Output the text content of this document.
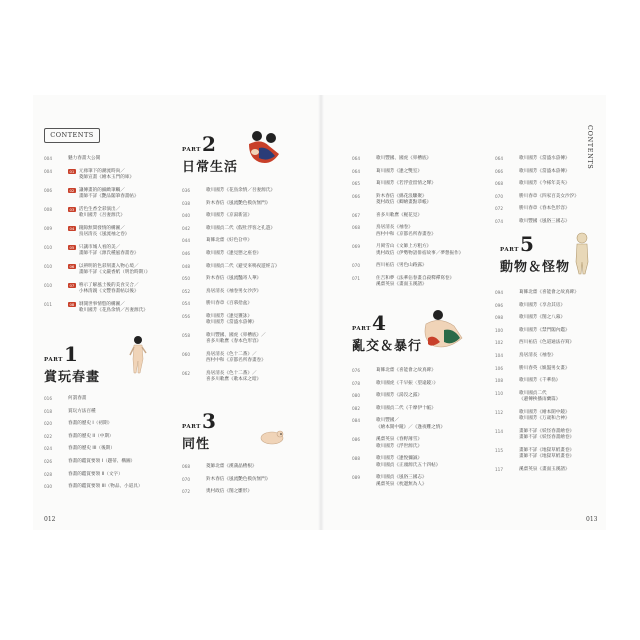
CONTENTS	CONTENTS
012	013
004	魅力春畫大公開
004	01 元祿筆下的潮流時尚／
菱師宣畫《繪本玉門的庫》
006	02 讓傳畫的的細緻筆觸／
畫師不詳《艷品閣筆春畫帖》
008	03 活色生香全彩演出／
歌川國芳《吾妻源氏》
009	04 鏡隙無間發情的構圖／
鳥居清長《風流袖之卷》
010	05 只讓市城人看的美／
畫師不詳《源氏種風春畫卷》
010	06 以辨明的色彩刻畫入物心境／
畫師不詳《文嚴香紙（明治時期）》
010	07 嘻示了解風土後的美食交合／
小林清親《文豐春畫帖以後》
011	08 剝開世事情慾的構圖／
歌川國芳《花鳥余情／吾妻源氏》
PART1
賞玩春畫
016	何謂春畫
018	賞玩方法百種
020	春畫的歷史 I（初期）
022	春畫的歷史 II（中期）
024	春畫的歷史 III（後期）
026	春畫的鑑賞要領 I（題蒂、構圖）
028	春畫的鑑賞要領 II（文字）
030	春畫的鑑賞要領 III（物品、小道具）
PART2
日常生活
036	歌川國芳《花鳥余情／吾妻源氏》
038	鈴木春信《風流艷色模仿無門》
040	歌川國芳《京湯新話》
042	歌川國貞二代《假牡浮客之孔遊》
044	葛飾北齋《好色旮申》
046	歌川國芳《逢見戀之座卷》
048	歌川國貞二代《避受來鳴夜遊經言》
050	鈴木春信《風流豔寄人華》
052	鳥居清長《袖卷男女沙汐》
054	勝川春章《百慕拾盆》
056	歌川國芳《逢見獲詠》
歌川國芳《當盛水滸傳》
058	歌川豐國、國虎《卯槽底》／
喜多川歌麿《春本色形容》
060	鳥居清長《色十二番》／
西村中和《京都名所春畫卷》
062	鳥居清長《色十二番》／
喜多川歌麿《歌本床之暗》
PART3
同性
068	菱師北齋《漢蒲晶楂根》
070	鈴木春信《風流艷色模仿無門》
072	奧村政信《閨之雛形》
064	歌川豐國、國虎《卯槽底》
064	葛川國芳《逢之雙室》
065	葛川國芳《若浮壹留情之聲》
066	鈴木春信《綿花浪驟聚》
菱村政信《卿繪畫點恭帳》
067	喜多川歌麿《梶花見》
068	鳥居清長《袖卷》
西村中和《京都名所春畫卷》
069	月岡雪山《文師上方粗方》
奧村政信《伊勢物語俳宿故事／夢想振作》
070	西川祐信《男色山路露》
071	住吉和夢《法華佔春畫自殺釋禪寫卷》
溪齋英泉《畫面玉漢譜》
PART4
亂交＆暴行
076	葛飾北齋《喜能會之故真碑》
078	歌川國虎《千早振〈望遠鏡〉》
080	歌川國芳《湯沒之露》
082	歌川國貞二代《千摩伊十帳》
084	歌川豐國／
《繪本開中鏡》／《逢夜難之情》
086	溪齋英泉《春野薄雪》
歌川國芳《浮世源氏》
088	歌川國芳《逢悅彌誠》
歌川國貞《正頭源氏五十四帖》
089	歌川國貞《風俗三國志》
溪齋英泉《枕邊無為人》
064	歌川國芳《當盛水滸傳》
066	歌川國芳《當盛本滸傳》
068	歌川國芳《今様年美夾》
070	勝川春章《四家百美女沙汐》
072	勝川春章《春本色形容》
074	歌川豐國《風俗三國志》
PART5
動物＆怪物
094	葛飾北齋《喜能會之故真碑》
096	歌川國芳《享舍其房》
098	歌川國芳《閨之八幕》
100	歌川國芳《禁門閣內鑑》
102	西川祐信《色道通法存寫》
104	鳥居清長《袖卷》
106	勝川春英《娛盤男女畫》
108	歌川國芳《千華翁》
110	歌川國貞二代
《避傳挨播雨蘭篇》
112	歌川國芳《繪本開中鏡》
歌川國芳《万歲和合神》
114	畫師不詳《妖怪春畫繪卷》
畫師不詳《妖怪春畫繪卷》
115	畫師不詳《地獄草紙畫卷》
畫師不詳《地獄草紙畫卷》
117	溪齋英泉《畫面玉漢譜》
